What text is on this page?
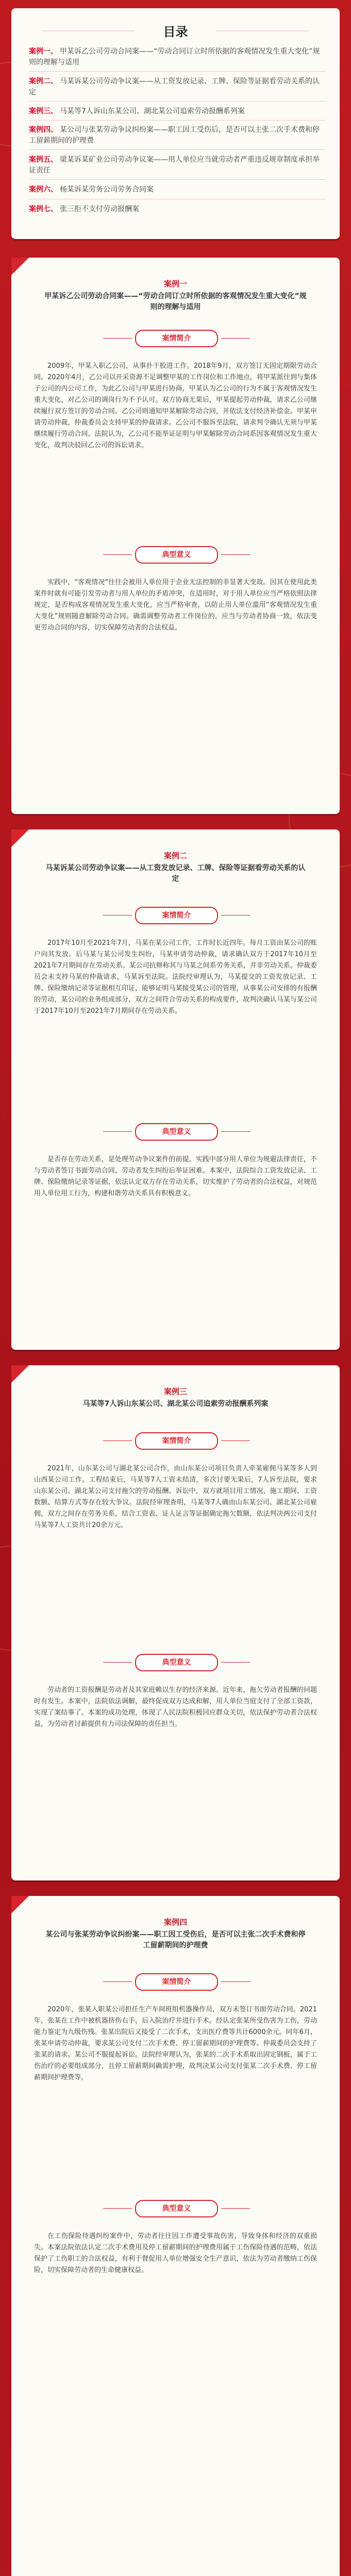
目录
案例一、 甲某诉乙公司劳动合同案——“劳动合同订立时所依据的客观情况发生重大变化”规则的理解与适用
案例二、 马某诉某公司劳动争议案——从工资发放记录、工牌、保险等证据看劳动关系的认定
案例三、 马某等7人诉山东某公司、湖北某公司追索劳动报酬系列案
案例四、 某公司与张某劳动争议纠纷案——职工因工受伤后，是否可以主张二次手术费和停工留薪期间的护理费
案例五、 梁某诉某矿业公司劳动争议案——用人单位应当就劳动者严重违反规章制度承担举证责任
案例六、 杨某诉某劳务公司劳务合同案
案例七、 张三拒不支付劳动报酬案
案例一
甲某诉乙公司劳动合同案——“劳动合同订立时所依据的客观情况发生重大变化”规则的理解与适用
案情简介
2009年，甲某入职乙公司，从事扑干胶进工作。2018年9月，双方签订无固定期限劳动合同。2020年4月，乙公司以开采资源不足调整甲某的工作岗位和工作地点，将甲某派往到与集体子公司的丙公司工作，为此乙公司与甲某进行协商，甲某认为乙公司的行为不属于客观情况发生重大变化，对乙公司的调岗行为不予认可。双方协商无果后，甲某提起劳动仲裁，请求乙公司继续履行双方签订的劳动合同。乙公司则通知甲某解除劳动合同，并依法支付经济补偿金。甲某申请劳动仲裁，仲裁委员会支持甲某的仲裁请求。乙公司不服诉至法院，请求判令确认无须与甲某继续履行劳动合同。法院认为，乙公司不能举证证明与甲某解除劳动合同系因客观情况发生重大变化，故判决驳回乙公司的诉讼请求。
典型意义
实践中，“客观情况”往往会被用人单位用于企业无法控制的非显著大变故。因其在使用此类案件时就有可能引发劳动者与用人单位的矛盾冲突，在适用时，对于用人单位应当严格依照法律规定，是否构成客观情况发生重大变化，应当严格审查，以防止用人单位滥用“客观情况发生重大变化”规则随意解除劳动合同。确需调整劳动者工作岗位的，应当与劳动者协商一致，依法变更劳动合同的内容，切实保障劳动者的合法权益。
案例二
马某诉某公司劳动争议案——从工资发放记录、工牌、保险等证据看劳动关系的认定
案情简介
2017年10月至2021年7月，马某在某公司工作，工作时长近四年。每月工资由某公司的账户向其发放。后马某与某公司发生纠纷，马某申请劳动仲裁，请求确认双方于2017年10月至2021年7月期间存在劳动关系。某公司抗辩称其与马某之间系劳务关系，并非劳动关系。仲裁委员会未支持马某的仲裁请求，马某诉至法院。法院经审理认为，马某提交的工资发放记录、工牌、保险缴纳记录等证据相互印证，能够证明马某接受某公司的管理，从事某公司安排的有报酬的劳动，某公司的业务组成部分，双方之间符合劳动关系的构成要件，故判决确认马某与某公司于2017年10月至2021年7月期间存在劳动关系。
典型意义
是否存在劳动关系，是处理劳动争议案件的前提。实践中部分用人单位为规避法律责任，不与劳动者签订书面劳动合同，劳动者发生纠纷后举证困难。本案中，法院综合工资发放记录、工牌、保险缴纳记录等证据，依法认定双方存在劳动关系，切实维护了劳动者的合法权益，对规范用人单位用工行为，构建和谐劳动关系具有积极意义。
案例三
马某等7人诉山东某公司、湖北某公司追索劳动报酬系列案
案情简介
2021年，山东某公司与湖北某公司合作，由山东某公司项目负责人牵某雇佣马某等多人到山西某公司工作。工程结束后，马某等7人工资未结清，多次讨要无果后，7人诉至法院，要求山东某公司、湖北某公司支付拖欠的劳动报酬。诉讼中，双方就项目用工情况、施工期间、工资数额、结算方式等存在较大争议。法院经审理查明，马某等7人确由山东某公司、湖北某公司雇佣，双方之间存在劳务关系，结合工资表、证人证言等证据确定拖欠数额，依法判决两公司支付马某等7人工资共计20余万元。
典型意义
劳动者的工资报酬是劳动者及其家庭赖以生存的经济来源。近年来，拖欠劳动者报酬的问题时有发生。本案中，法院依法调解，最终促成双方达成和解，用人单位当庭支付了全部工资款，实现了案结事了。本案的成功处理，体现了人民法院积极回应群众关切，依法保护劳动者合法权益，为劳动者讨薪提供有力司法保障的责任担当。
案例四
某公司与张某劳动争议纠纷案——职工因工受伤后，是否可以主张二次手术费和停工留薪期间的护理费
案情简介
2020年，张某入职某公司担任生产车间班组机器操作员，双方未签订书面劳动合同。2021年，张某在工作中被机器挤伤右手，后入院治疗并进行手术。经认定张某所受伤害为工伤，劳动能力鉴定为九级伤残。张某出院后又接受了二次手术，支出医疗费等共计6000余元。同年6月，张某申请劳动仲裁，要求某公司支付二次手术费、停工留薪期间的护理费等。仲裁委员会支持了张某的请求。某公司不服提起诉讼。法院经审理认为，张某的二次手术系取出固定钢板，属于工伤治疗的必要组成部分，且停工留薪期间确需护理，故判决某公司支付张某二次手术费、停工留薪期间护理费等。
典型意义
在工伤保险待遇纠纷案件中，劳动者往往因工作遭受事故伤害，导致身体和经济的双重损失。本案法院依法认定二次手术费用及停工留薪期间的护理费用属于工伤保险待遇的范畴，依法保护了工伤职工的合法权益，有利于督促用人单位增强安全生产意识，依法为劳动者缴纳工伤保险，切实保障劳动者的生命健康权益。
